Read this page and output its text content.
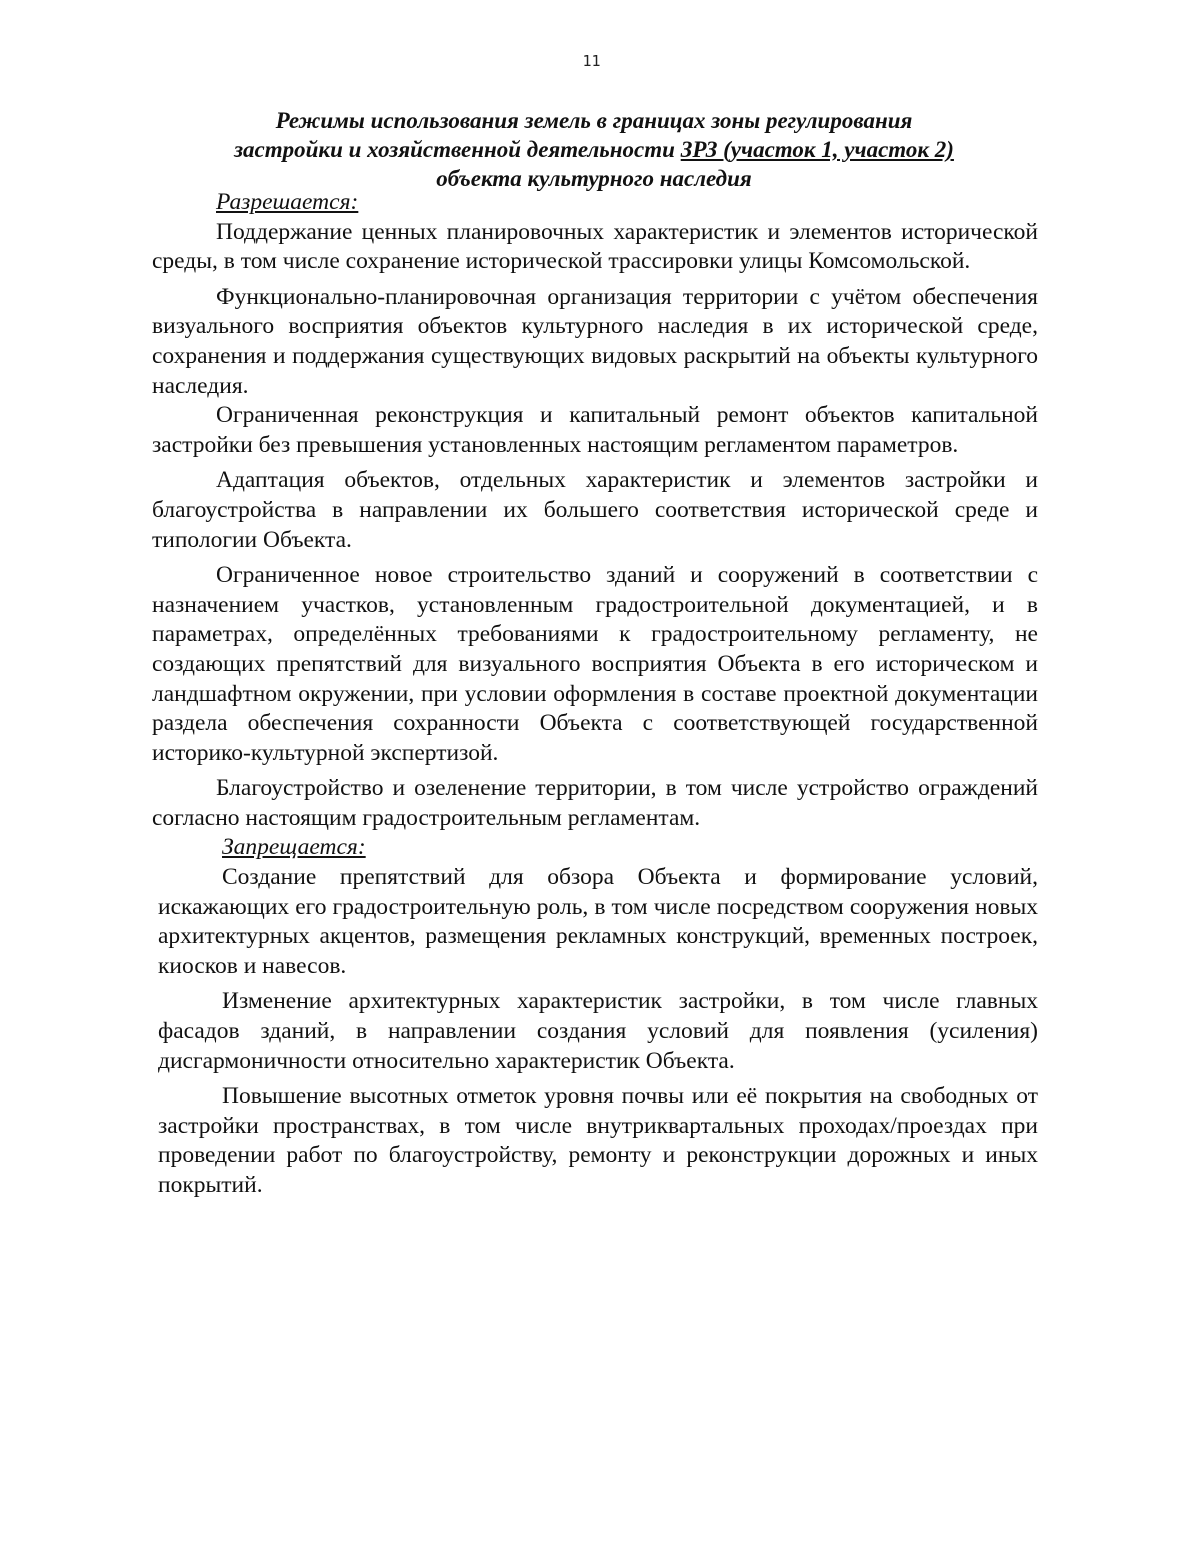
11
Режимы использования земель в границах зоны регулирования
застройки и хозяйственной деятельности ЗРЗ (участок 1, участок 2)
объекта культурного наследия
Разрешается:

Поддержание ценных планировочных характеристик и элементов исторической среды, в том числе сохранение исторической трассировки улицы Комсомольской.

Функционально-планировочная организация территории с учётом обеспечения визуального восприятия объектов культурного наследия в их исторической среде, сохранения и поддержания существующих видовых раскрытий на объекты культурного наследия.

Ограниченная реконструкция и капитальный ремонт объектов капитальной застройки без превышения установленных настоящим регламентом параметров.

Адаптация объектов, отдельных характеристик и элементов застройки и благоустройства в направлении их большего соответствия исторической среде и типологии Объекта.

Ограниченное новое строительство зданий и сооружений в соответствии с назначением участков, установленным градостроительной документацией, и в параметрах, определённых требованиями к градостроительному регламенту, не создающих препятствий для визуального восприятия Объекта в его историческом и ландшафтном окружении, при условии оформления в составе проектной документации раздела обеспечения сохранности Объекта с соответствующей государственной историко-культурной экспертизой.

Благоустройство и озеленение территории, в том числе устройство ограждений согласно настоящим градостроительным регламентам.

Запрещается:

Создание препятствий для обзора Объекта и формирование условий, искажающих его градостроительную роль, в том числе посредством сооружения новых архитектурных акцентов, размещения рекламных конструкций, временных построек, киосков и навесов.

Изменение архитектурных характеристик застройки, в том числе главных фасадов зданий, в направлении создания условий для появления (усиления) дисгармоничности относительно характеристик Объекта.

Повышение высотных отметок уровня почвы или её покрытия на свободных от застройки пространствах, в том числе внутриквартальных проходах/проездах при проведении работ по благоустройству, ремонту и реконструкции дорожных и иных покрытий.
